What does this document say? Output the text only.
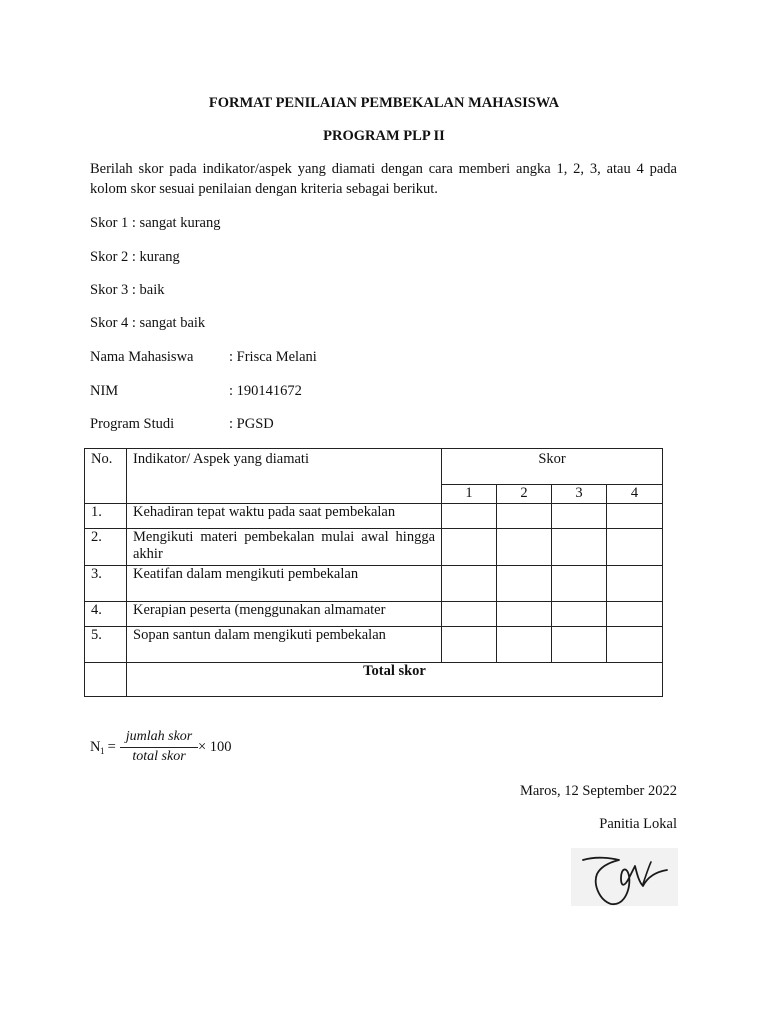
FORMAT PENILAIAN PEMBEKALAN MAHASISWA
PROGRAM PLP II
Berilah skor pada indikator/aspek yang diamati dengan cara memberi angka 1, 2, 3, atau 4 pada kolom skor sesuai penilaian dengan kriteria sebagai berikut.
Skor 1 : sangat kurang
Skor 2 : kurang
Skor 3 : baik
Skor 4 : sangat baik
Nama Mahasiswa : Frisca Melani
NIM	: 190141672
Program Studi	: PGSD
No.	Indikator/ Aspek yang diamati	Skor			
		1	2	3	4
1.	Kehadiran tepat waktu pada saat pembekalan				
2.	Mengikuti materi pembekalan mulai awal hingga akhir				
3.	Keatifan dalam mengikuti pembekalan				
4.	Kerapian peserta (menggunakan almamater				
5.	Sopan santun dalam mengikuti pembekalan				
	Total skor				
N 1 =
jumlah skor
total skor
× 100
Maros, 12 September 2022
Panitia Lokal
